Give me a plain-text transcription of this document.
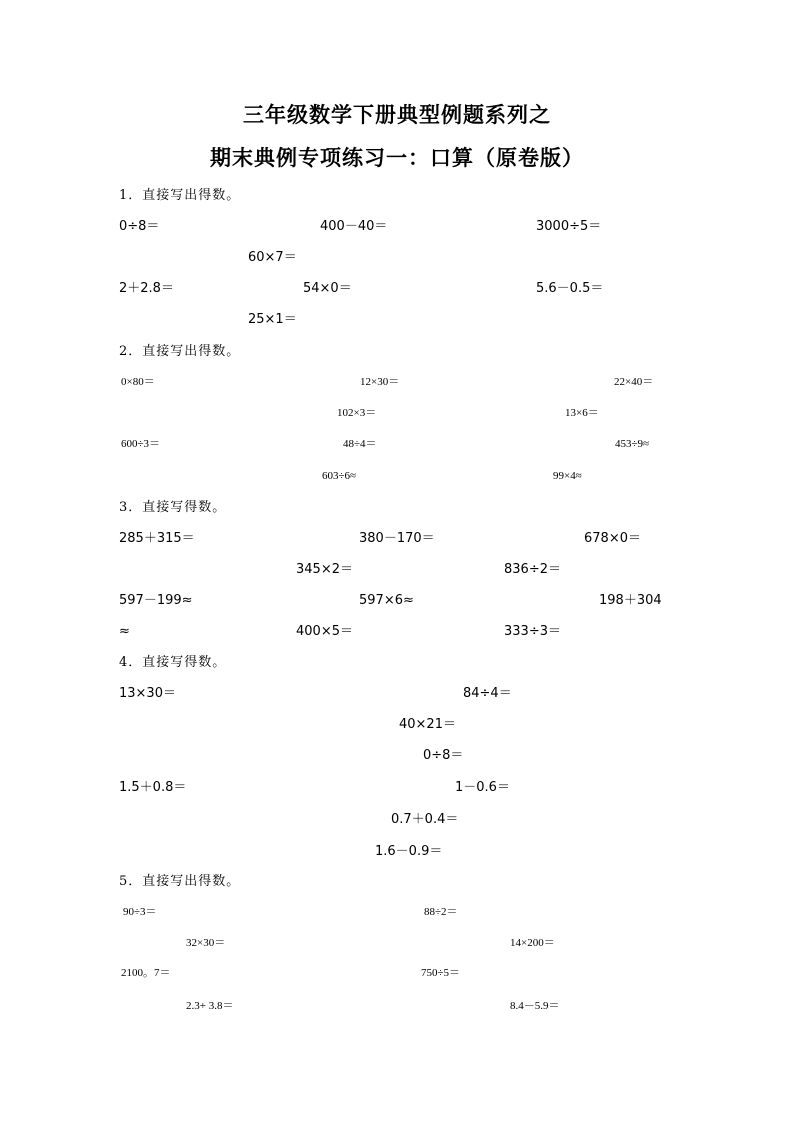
三年级数学下册典型例题系列之
期末典例专项练习一：口算（原卷版）
1．直接写出得数。
0÷8＝	400－40＝	3000÷5＝
60×7＝
2＋2.8＝	54×0＝	5.6－0.5＝
25×1＝
2．直接写出得数。
0×80＝	12×30＝	22×40＝
102×3＝	13×6＝
600÷3＝	48÷4＝	453÷9≈
603÷6≈	99×4≈
3．直接写得数。
285＋315＝	380－170＝	678×0＝
345×2＝	836÷2＝
597－199≈	597×6≈	198＋304
≈	400×5＝	333÷3＝
4．直接写得数。
13×30＝	84÷4＝
40×21＝
0÷8＝
1.5＋0.8＝	1－0.6＝
0.7＋0.4＝
1.6－0.9＝
5．直接写出得数。
90÷3＝	88÷2＝
32×30＝	14×200＝
2100。7＝	750÷5＝
2.3+ 3.8＝	8.4－5.9＝
